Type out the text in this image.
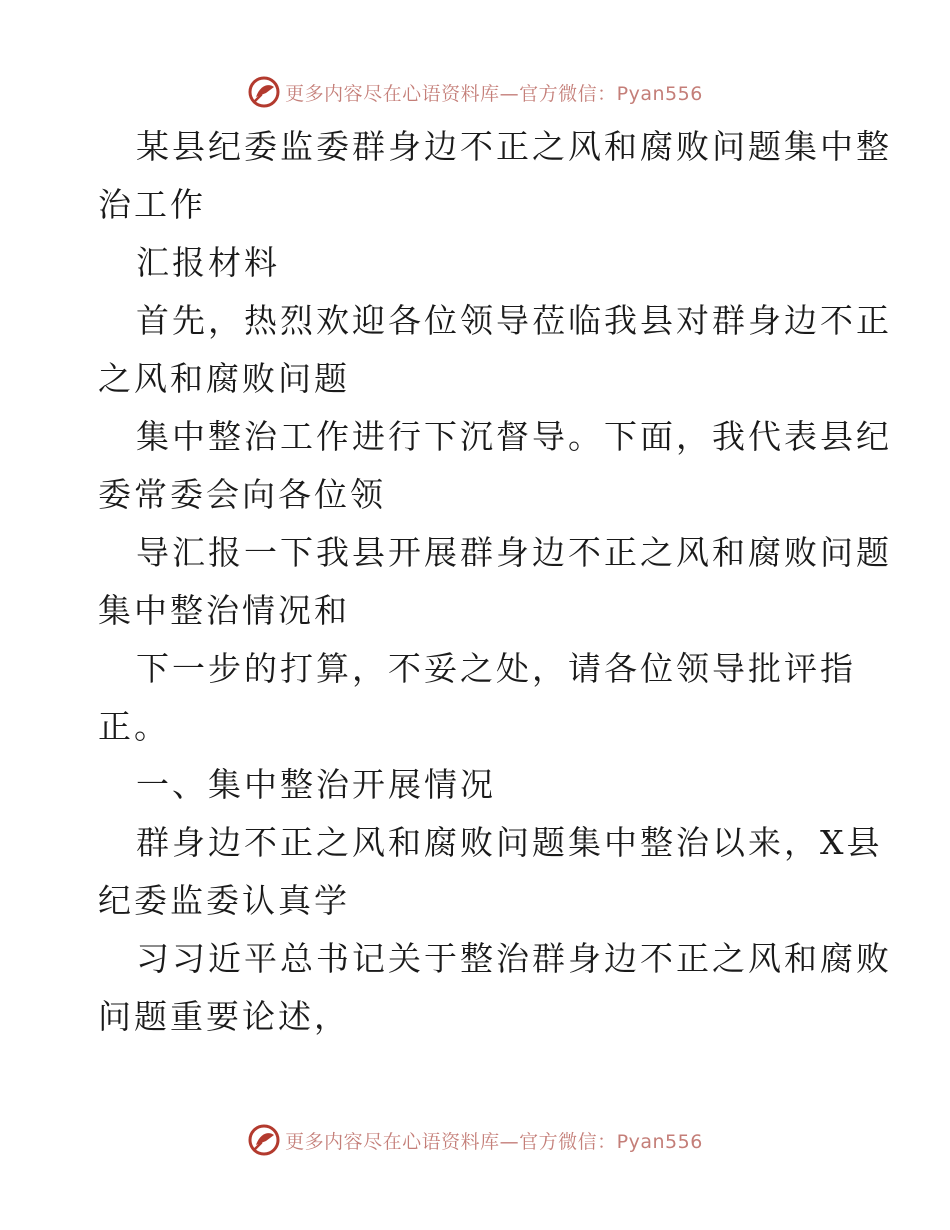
更多内容尽在心语资料库—官方微信：Pyan556

某县纪委监委群身边不正之风和腐败问题集中整
治工作

汇报材料

首先，热烈欢迎各位领导莅临我县对群身边不正
之风和腐败问题

集中整治工作进行下沉督导。下面，我代表县纪
委常委会向各位领

导汇报一下我县开展群身边不正之风和腐败问题
集中整治情况和

下一步的打算，不妥之处，请各位领导批评指
正。

一、集中整治开展情况

群身边不正之风和腐败问题集中整治以来，X县
纪委监委认真学

习习近平总书记关于整治群身边不正之风和腐败
问题重要论述，

更多内容尽在心语资料库—官方微信：Pyan556
